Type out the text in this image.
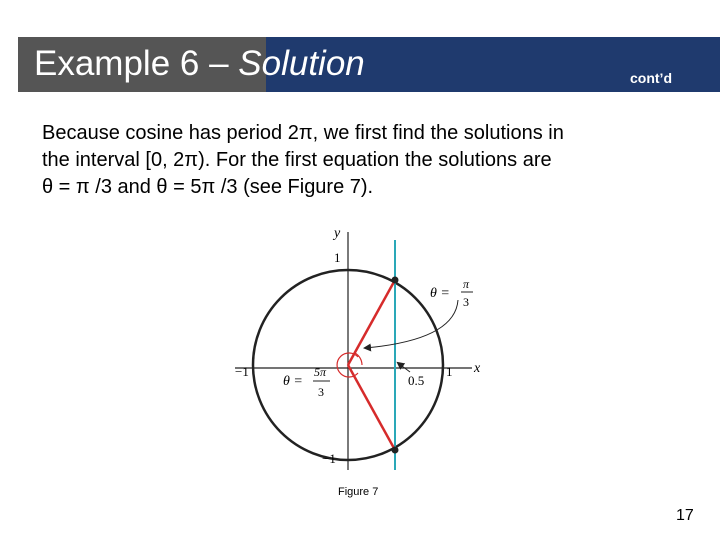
Example 6 – Solution	cont’d
Because cosine has period 2π, we first find the solutions in
the interval [0, 2π). For the first equation the solutions are
θ = π /3 and θ = 5π /3 (see Figure 7).
y
x
1
−1
−1	1
0.5
θ =
π
3
θ =
5π
3
Figure 7
17
